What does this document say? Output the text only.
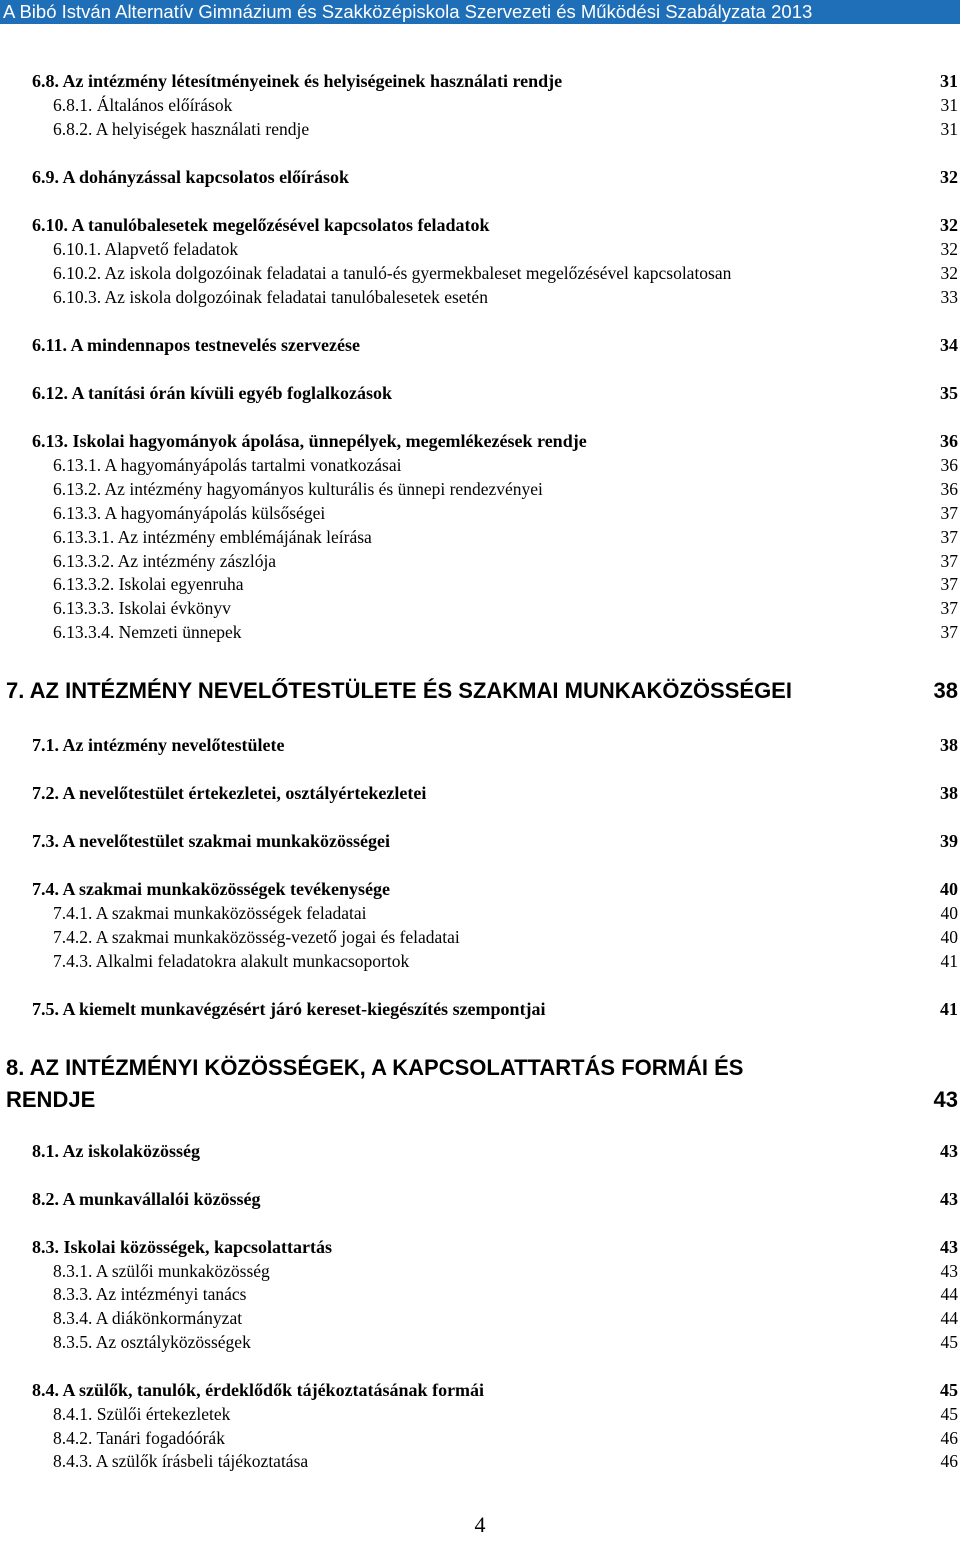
A Bibó István Alternatív Gimnázium és Szakközépiskola Szervezeti és Működési Szabályzata 2013
6.8. Az intézmény létesítményeinek és helyiségeinek használati rendje	31
6.8.1. Általános előírások	31
6.8.2. A helyiségek használati rendje	31
6.9. A dohányzással kapcsolatos előírások	32
6.10. A tanulóbalesetek megelőzésével kapcsolatos feladatok	32
6.10.1. Alapvető feladatok	32
6.10.2. Az iskola dolgozóinak feladatai a tanuló-és gyermekbaleset megelőzésével kapcsolatosan	32
6.10.3. Az iskola dolgozóinak feladatai tanulóbalesetek esetén	33
6.11. A mindennapos testnevelés szervezése	34
6.12. A tanítási órán kívüli egyéb foglalkozások	35
6.13. Iskolai hagyományok ápolása, ünnepélyek, megemlékezések rendje	36
6.13.1. A hagyományápolás tartalmi vonatkozásai	36
6.13.2. Az intézmény hagyományos kulturális és ünnepi rendezvényei	36
6.13.3. A hagyományápolás külsőségei	37
6.13.3.1. Az intézmény emblémájának leírása	37
6.13.3.2. Az intézmény zászlója	37
6.13.3.2. Iskolai egyenruha	37
6.13.3.3. Iskolai évkönyv	37
6.13.3.4. Nemzeti ünnepek	37
7. AZ INTÉZMÉNY NEVELŐTESTÜLETE ÉS SZAKMAI MUNKAKÖZÖSSÉGEI	38
7.1. Az intézmény nevelőtestülete	38
7.2. A nevelőtestület értekezletei, osztályértekezletei	38
7.3. A nevelőtestület szakmai munkaközösségei	39
7.4. A szakmai munkaközösségek tevékenysége	40
7.4.1. A szakmai munkaközösségek feladatai	40
7.4.2. A szakmai munkaközösség-vezető jogai és feladatai	40
7.4.3. Alkalmi feladatokra alakult munkacsoportok	41
7.5. A kiemelt munkavégzésért járó kereset-kiegészítés szempontjai	41
8. AZ INTÉZMÉNYI KÖZÖSSÉGEK, A KAPCSOLATTARTÁS FORMÁI ÉS
RENDJE	43
8.1. Az iskolaközösség	43
8.2. A munkavállalói közösség	43
8.3. Iskolai közösségek, kapcsolattartás	43
8.3.1. A szülői munkaközösség	43
8.3.3. Az intézményi tanács	44
8.3.4. A diákönkormányzat	44
8.3.5. Az osztályközösségek	45
8.4. A szülők, tanulók, érdeklődők tájékoztatásának formái	45
8.4.1. Szülői értekezletek	45
8.4.2. Tanári fogadóórák	46
8.4.3. A szülők írásbeli tájékoztatása	46
4
